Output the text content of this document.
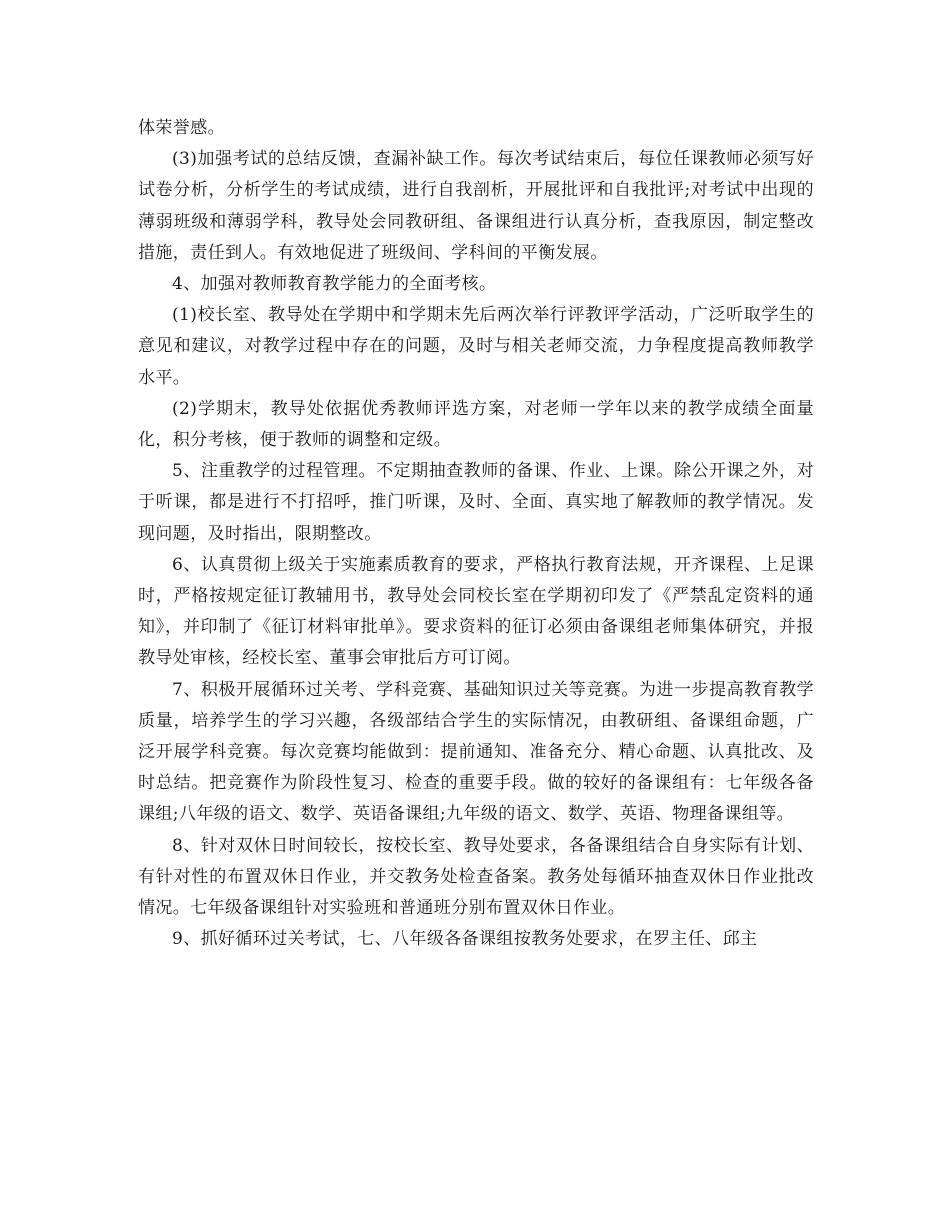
体荣誉感。

(3)加强考试的总结反馈，查漏补缺工作。每次考试结束后，每位任课教师必须写好试卷分析，分析学生的考试成绩，进行自我剖析，开展批评和自我批评;对考试中出现的薄弱班级和薄弱学科，教导处会同教研组、备课组进行认真分析，查我原因，制定整改措施，责任到人。有效地促进了班级间、学科间的平衡发展。

4、加强对教师教育教学能力的全面考核。

(1)校长室、教导处在学期中和学期末先后两次举行评教评学活动，广泛听取学生的意见和建议，对教学过程中存在的问题，及时与相关老师交流，力争程度提高教师教学水平。

(2)学期末，教导处依据优秀教师评选方案，对老师一学年以来的教学成绩全面量化，积分考核，便于教师的调整和定级。

5、注重教学的过程管理。不定期抽查教师的备课、作业、上课。除公开课之外，对于听课，都是进行不打招呼，推门听课，及时、全面、真实地了解教师的教学情况。发现问题，及时指出，限期整改。

6、认真贯彻上级关于实施素质教育的要求，严格执行教育法规，开齐课程、上足课时，严格按规定征订教辅用书，教导处会同校长室在学期初印发了《严禁乱定资料的通知》，并印制了《征订材料审批单》。要求资料的征订必须由备课组老师集体研究，并报教导处审核，经校长室、董事会审批后方可订阅。

7、积极开展循环过关考、学科竞赛、基础知识过关等竞赛。为进一步提高教育教学质量，培养学生的学习兴趣，各级部结合学生的实际情况，由教研组、备课组命题，广泛开展学科竞赛。每次竞赛均能做到：提前通知、准备充分、精心命题、认真批改、及时总结。把竞赛作为阶段性复习、检查的重要手段。做的较好的备课组有：七年级各备课组;八年级的语文、数学、英语备课组;九年级的语文、数学、英语、物理备课组等。

8、针对双休日时间较长，按校长室、教导处要求，各备课组结合自身实际有计划、有针对性的布置双休日作业，并交教务处检查备案。教务处每循环抽查双休日作业批改情况。七年级备课组针对实验班和普通班分别布置双休日作业。

9、抓好循环过关考试，七、八年级各备课组按教务处要求，在罗主任、邱主
